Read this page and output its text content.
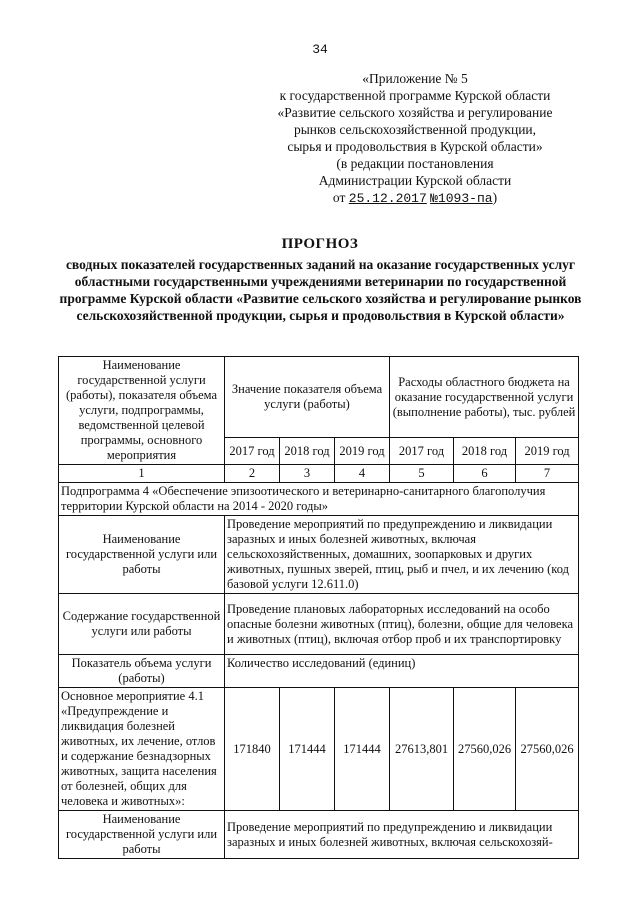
34
«Приложение № 5
к государственной программе Курской области
«Развитие сельского хозяйства и регулирование
рынков сельскохозяйственной продукции,
сырья и продовольствия в Курской области»
(в редакции постановления
Администрации Курской области
от 25.12.2017 №1093-па)
ПРОГНОЗ
сводных показателей государственных заданий на оказание государственных услуг областными государственными учреждениями ветеринарии по государственной программе Курской области «Развитие сельского хозяйства и регулирование рынков сельскохозяйственной продукции, сырья и продовольствия в Курской области»
Наименование государственной услуги (работы), показателя объема услуги, подпрограммы, ведомственной целевой программы, основного мероприятия	Значение показателя объема услуги (работы)			Расходы областного бюджета на оказание государственной услуги (выполнение работы), тыс. рублей		
	2017 год	2018 год	2019 год	2017 год	2018 год	2019 год
1	2	3	4	5	6	7
Подпрограмма 4 «Обеспечение эпизоотического и ветеринарно-санитарного благополучия территории Курской области на 2014 - 2020 годы»						
Наименование государственной услуги или работы	Проведение мероприятий по предупреждению и ликвидации заразных и иных болезней животных, включая сельскохозяйственных, домашних, зоопарковых и других животных, пушных зверей, птиц, рыб и пчел, и их лечению (код базовой услуги 12.611.0)					
Содержание государственной услуги или работы	Проведение плановых лабораторных исследований на особо опасные болезни животных (птиц), болезни, общие для человека и животных (птиц), включая отбор проб и их транспортировку					
Показатель объема услуги (работы)	Количество исследований (единиц)					
Основное мероприятие 4.1 «Предупреждение и ликвидация болезней животных, их лечение, отлов и содержание безнадзорных животных, защита населения от болезней, общих для человека и животных»:	171840	171444	171444	27613,801	27560,026	27560,026
Наименование государственной услуги или работы	Проведение мероприятий по предупреждению и ликвидации заразных и иных болезней животных, включая сельскохозяй-					
